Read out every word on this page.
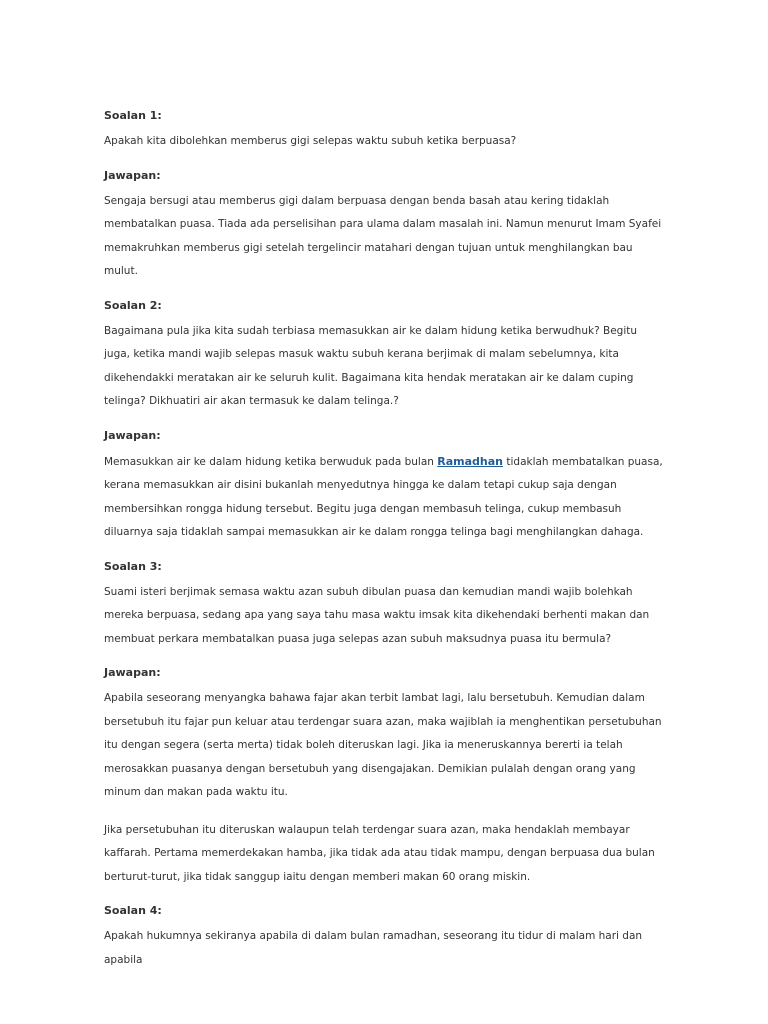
Soalan 1:

Apakah kita dibolehkan memberus gigi selepas waktu subuh ketika berpuasa?

Jawapan:

Sengaja bersugi atau memberus gigi dalam berpuasa dengan benda basah atau kering tidaklah membatalkan puasa. Tiada ada perselisihan para ulama dalam masalah ini. Namun menurut Imam Syafei memakruhkan memberus gigi setelah tergelincir matahari dengan tujuan untuk menghilangkan bau mulut.

Soalan 2:

Bagaimana pula jika kita sudah terbiasa memasukkan air ke dalam hidung ketika berwudhuk? Begitu juga, ketika mandi wajib selepas masuk waktu subuh kerana berjimak di malam sebelumnya, kita dikehendakki meratakan air ke seluruh kulit. Bagaimana kita hendak meratakan air ke dalam cuping telinga? Dikhuatiri air akan termasuk ke dalam telinga.?

Jawapan:

Memasukkan air ke dalam hidung ketika berwuduk pada bulan Ramadhan tidaklah membatalkan puasa, kerana memasukkan air disini bukanlah menyedutnya hingga ke dalam tetapi cukup saja dengan membersihkan rongga hidung tersebut. Begitu juga dengan membasuh telinga, cukup membasuh diluarnya saja tidaklah sampai memasukkan air ke dalam rongga telinga bagi menghilangkan dahaga.

Soalan 3:

Suami isteri berjimak semasa waktu azan subuh dibulan puasa dan kemudian mandi wajib bolehkah mereka berpuasa, sedang apa yang saya tahu masa waktu imsak kita dikehendaki berhenti makan dan membuat perkara membatalkan puasa juga selepas azan subuh maksudnya puasa itu bermula?

Jawapan:

Apabila seseorang menyangka bahawa fajar akan terbit lambat lagi, lalu bersetubuh. Kemudian dalam bersetubuh itu fajar pun keluar atau terdengar suara azan, maka wajiblah ia menghentikan persetubuhan itu dengan segera (serta merta) tidak boleh diteruskan lagi. Jika ia meneruskannya bererti ia telah merosakkan puasanya dengan bersetubuh yang disengajakan. Demikian pulalah dengan orang yang minum dan makan pada waktu itu.

Jika persetubuhan itu diteruskan walaupun telah terdengar suara azan, maka hendaklah membayar kaffarah. Pertama memerdekakan hamba, jika tidak ada atau tidak mampu, dengan berpuasa dua bulan berturut-turut, jika tidak sanggup iaitu dengan memberi makan 60 orang miskin.

Soalan 4:

Apakah hukumnya sekiranya apabila di dalam bulan ramadhan, seseorang itu tidur di malam hari dan apabila
